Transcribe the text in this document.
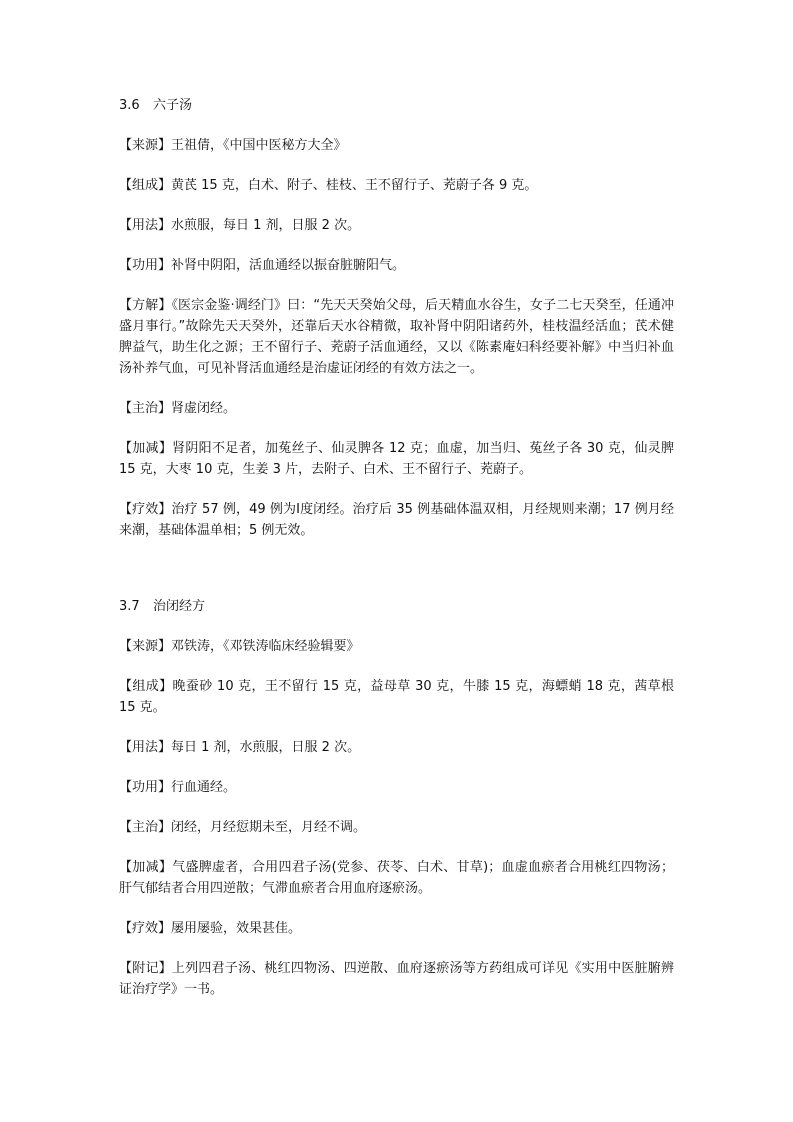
3.6 六子汤

【来源】王祖倩，《中国中医秘方大全》

【组成】黄芪 15 克，白术、附子、桂枝、王不留行子、茺蔚子各 9 克。

【用法】水煎服，每日 1 剂，日服 2 次。

【功用】补肾中阴阳，活血通经以振奋脏腑阳气。

【方解】《医宗金鉴·调经门》曰：“先天天癸始父母，后天精血水谷生，女子二七天癸至，任通冲盛月事行。”故除先天天癸外，还靠后天水谷精微，取补肾中阴阳诸药外，桂枝温经活血；芪术健脾益气，助生化之源；王不留行子、茺蔚子活血通经，又以《陈素庵妇科经要补解》中当归补血汤补养气血，可见补肾活血通经是治虚证闭经的有效方法之一。

【主治】肾虚闭经。

【加减】肾阴阳不足者，加菟丝子、仙灵脾各 12 克；血虚，加当归、菟丝子各 30 克，仙灵脾 15 克，大枣 10 克，生姜 3 片，去附子、白术、王不留行子、茺蔚子。

【疗效】治疗 57 例，49 例为Ⅰ度闭经。治疗后 35 例基础体温双相，月经规则来潮；17 例月经来潮，基础体温单相；5 例无效。

3.7 治闭经方

【来源】邓铁涛，《邓铁涛临床经验辑要》

【组成】晚蚕砂 10 克，王不留行 15 克，益母草 30 克，牛膝 15 克，海螵蛸 18 克，茜草根 15 克。

【用法】每日 1 剂，水煎服，日服 2 次。

【功用】行血通经。

【主治】闭经，月经愆期未至，月经不调。

【加减】气盛脾虚者，合用四君子汤(党参、茯苓、白术、甘草)；血虚血瘀者合用桃红四物汤；肝气郁结者合用四逆散；气滞血瘀者合用血府逐瘀汤。

【疗效】屡用屡验，效果甚佳。

【附记】上列四君子汤、桃红四物汤、四逆散、血府逐瘀汤等方药组成可详见《实用中医脏腑辨证治疗学》一书。
